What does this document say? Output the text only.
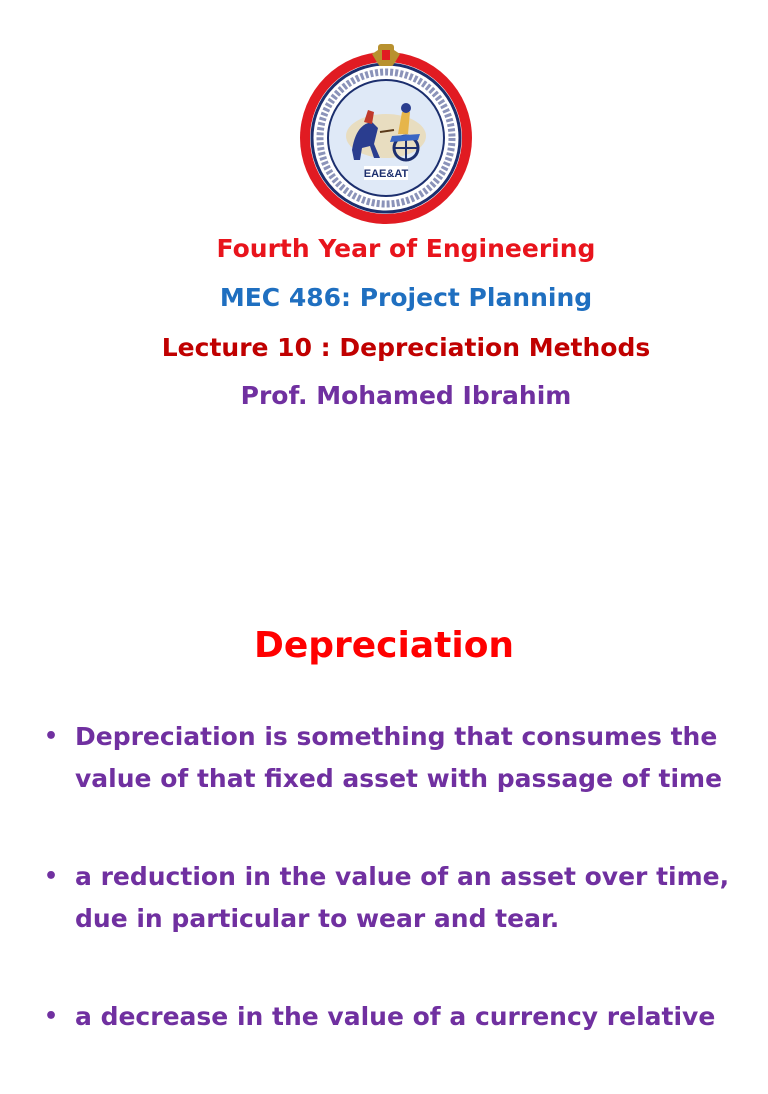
EAE&AT
Fourth Year of Engineering
MEC 486: Project Planning
Lecture 10 : Depreciation Methods
Prof. Mohamed Ibrahim
Depreciation
• Depreciation is something that consumes the value of that fixed asset with passage of time
• a reduction in the value of an asset over time, due in particular to wear and tear.
• a decrease in the value of a currency relative
